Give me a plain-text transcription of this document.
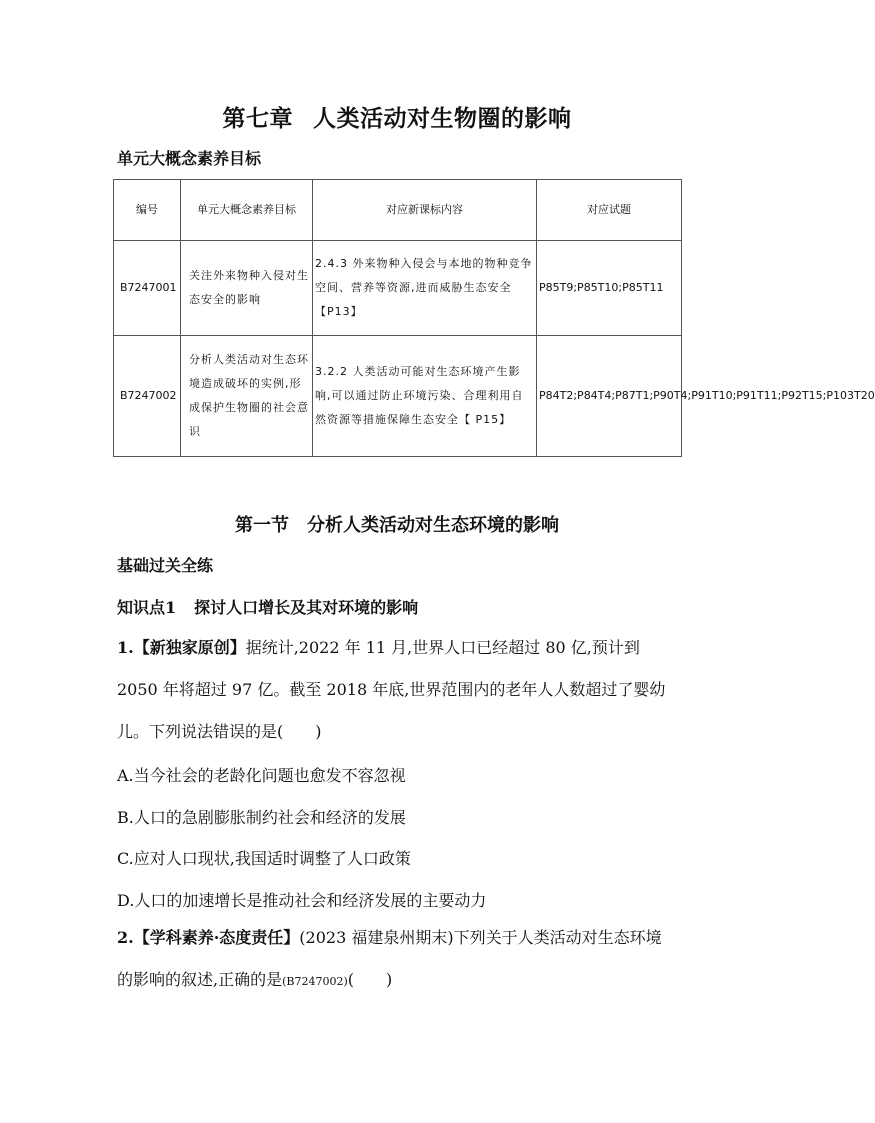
第七章 人类活动对生物圈的影响
单元大概念素养目标
编号	单元大概念素养目标	对应新课标内容	对应试题
B7247001	关注外来物种入侵对生态安全的影响	2.4.3 外来物种入侵会与本地的物种竞争空间、营养等资源,进而威胁生态安全【P13】	P85T9;P85T10;P85T11
B7247002	分析人类活动对生态环境造成破坏的实例,形成保护生物圈的社会意识	3.2.2 人类活动可能对生态环境产生影响,可以通过防止环境污染、合理利用自然资源等措施保障生态安全【 P15】	P84T2;P84T4;P87T1;P90T4;P91T10;P91T11;P92T15;P103T20
第一节 分析人类活动对生态环境的影响
基础过关全练
知识点1 探讨人口增长及其对环境的影响
1.【新独家原创】据统计,2022 年 11 月,世界人口已经超过 80 亿,预计到 2050 年将超过 97 亿。截至 2018 年底,世界范围内的老年人人数超过了婴幼儿。下列说法错误的是(　　)
A.当今社会的老龄化问题也愈发不容忽视
B.人口的急剧膨胀制约社会和经济的发展
C.应对人口现状,我国适时调整了人口政策
D.人口的加速增长是推动社会和经济发展的主要动力
2.【学科素养·态度责任】(2023 福建泉州期末)下列关于人类活动对生态环境的影响的叙述,正确的是(B7247002)(　　)
